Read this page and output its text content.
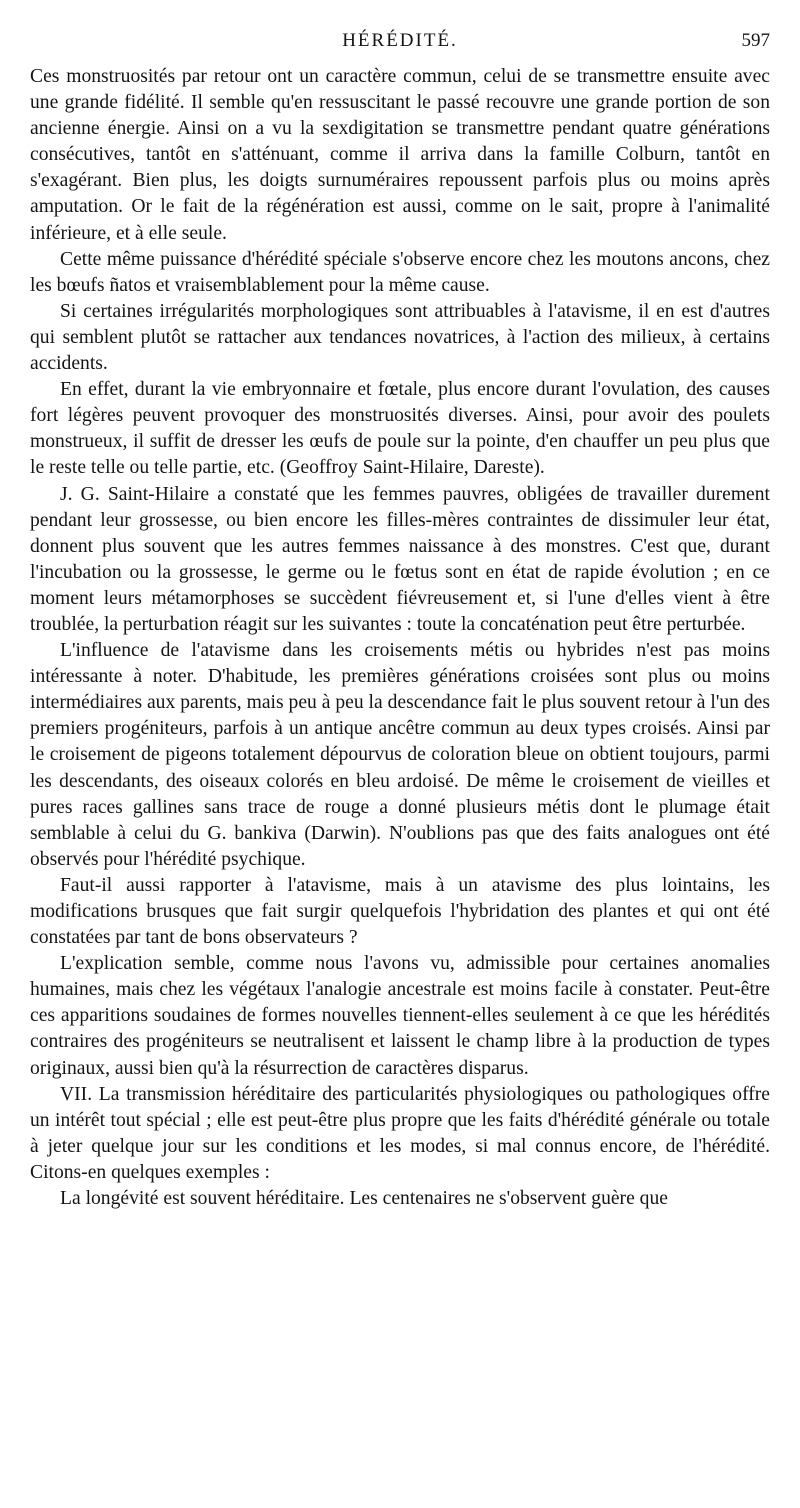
HÉRÉDITÉ.	597

Ces monstruosités par retour ont un caractère commun, celui de se transmettre ensuite avec une grande fidélité. Il semble qu'en ressuscitant le passé recouvre une grande portion de son ancienne énergie. Ainsi on a vu la sexdigitation se transmettre pendant quatre générations consécutives, tantôt en s'atténuant, comme il arriva dans la famille Colburn, tantôt en s'exagérant. Bien plus, les doigts surnuméraires repoussent parfois plus ou moins après amputation. Or le fait de la régénération est aussi, comme on le sait, propre à l'animalité inférieure, et à elle seule.

Cette même puissance d'hérédité spéciale s'observe encore chez les moutons ancons, chez les bœufs ñatos et vraisemblablement pour la même cause.

Si certaines irrégularités morphologiques sont attribuables à l'atavisme, il en est d'autres qui semblent plutôt se rattacher aux tendances novatrices, à l'action des milieux, à certains accidents.

En effet, durant la vie embryonnaire et fœtale, plus encore durant l'ovulation, des causes fort légères peuvent provoquer des monstruosités diverses. Ainsi, pour avoir des poulets monstrueux, il suffit de dresser les œufs de poule sur la pointe, d'en chauffer un peu plus que le reste telle ou telle partie, etc. (Geoffroy Saint-Hilaire, Dareste).

J. G. Saint-Hilaire a constaté que les femmes pauvres, obligées de travailler durement pendant leur grossesse, ou bien encore les filles-mères contraintes de dissimuler leur état, donnent plus souvent que les autres femmes naissance à des monstres. C'est que, durant l'incubation ou la grossesse, le germe ou le fœtus sont en état de rapide évolution ; en ce moment leurs métamorphoses se succèdent fiévreusement et, si l'une d'elles vient à être troublée, la perturbation réagit sur les suivantes : toute la concaténation peut être perturbée.

L'influence de l'atavisme dans les croisements métis ou hybrides n'est pas moins intéressante à noter. D'habitude, les premières générations croisées sont plus ou moins intermédiaires aux parents, mais peu à peu la descendance fait le plus souvent retour à l'un des premiers progéniteurs, parfois à un antique ancêtre commun au deux types croisés. Ainsi par le croisement de pigeons totalement dépourvus de coloration bleue on obtient toujours, parmi les descendants, des oiseaux colorés en bleu ardoisé. De même le croisement de vieilles et pures races gallines sans trace de rouge a donné plusieurs métis dont le plumage était semblable à celui du G. bankiva (Darwin). N'oublions pas que des faits analogues ont été observés pour l'hérédité psychique.

Faut-il aussi rapporter à l'atavisme, mais à un atavisme des plus lointains, les modifications brusques que fait surgir quelquefois l'hybridation des plantes et qui ont été constatées par tant de bons observateurs ?

L'explication semble, comme nous l'avons vu, admissible pour certaines anomalies humaines, mais chez les végétaux l'analogie ancestrale est moins facile à constater. Peut-être ces apparitions soudaines de formes nouvelles tiennent-elles seulement à ce que les hérédités contraires des progéniteurs se neutralisent et laissent le champ libre à la production de types originaux, aussi bien qu'à la résurrection de caractères disparus.

VII. La transmission héréditaire des particularités physiologiques ou pathologiques offre un intérêt tout spécial ; elle est peut-être plus propre que les faits d'hérédité générale ou totale à jeter quelque jour sur les conditions et les modes, si mal connus encore, de l'hérédité. Citons-en quelques exemples :

La longévité est souvent héréditaire. Les centenaires ne s'observent guère que
